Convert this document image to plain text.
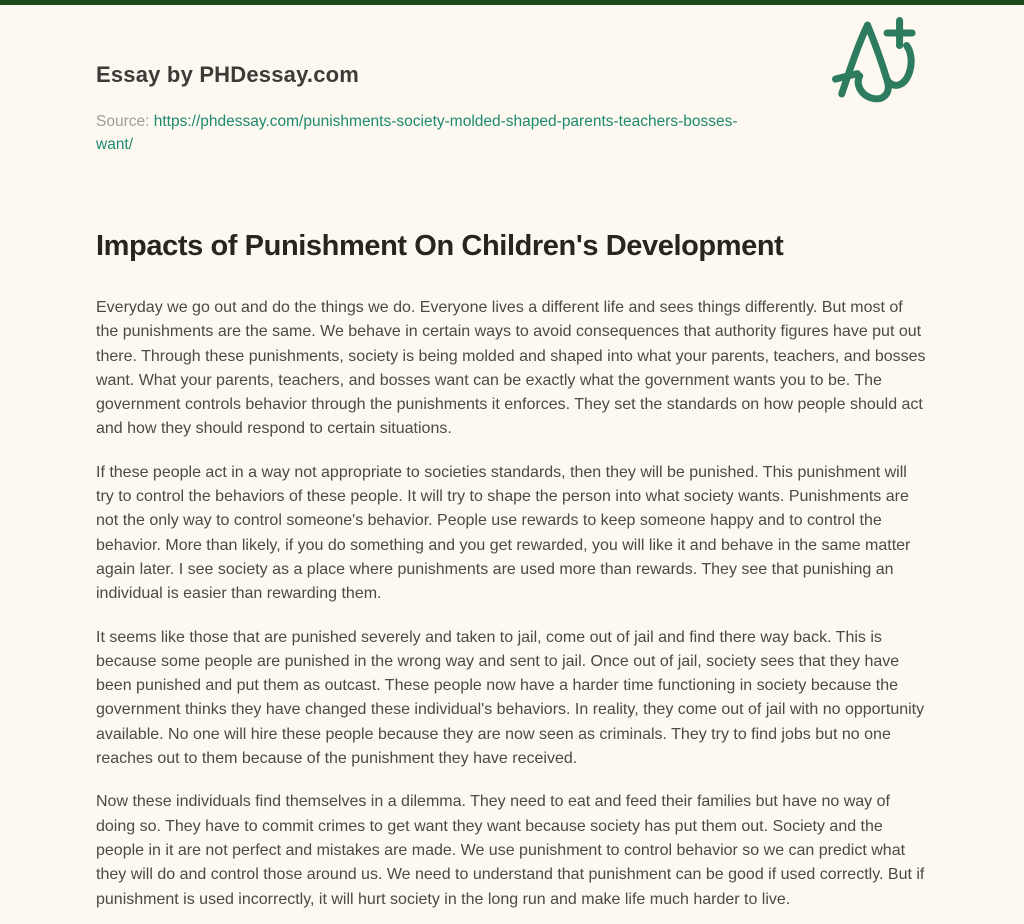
Essay by PHDessay.com

Source: https://phdessay.com/punishments-society-molded-shaped-parents-teachers-bosses-want/

Impacts of Punishment On Children's Development

Everyday we go out and do the things we do. Everyone lives a different life and sees things differently. But most of the punishments are the same. We behave in certain ways to avoid consequences that authority figures have put out there. Through these punishments, society is being molded and shaped into what your parents, teachers, and bosses want. What your parents, teachers, and bosses want can be exactly what the government wants you to be. The government controls behavior through the punishments it enforces. They set the standards on how people should act and how they should respond to certain situations.

If these people act in a way not appropriate to societies standards, then they will be punished. This punishment will try to control the behaviors of these people. It will try to shape the person into what society wants. Punishments are not the only way to control someone's behavior. People use rewards to keep someone happy and to control the behavior. More than likely, if you do something and you get rewarded, you will like it and behave in the same matter again later. I see society as a place where punishments are used more than rewards. They see that punishing an individual is easier than rewarding them.

It seems like those that are punished severely and taken to jail, come out of jail and find there way back. This is because some people are punished in the wrong way and sent to jail. Once out of jail, society sees that they have been punished and put them as outcast. These people now have a harder time functioning in society because the government thinks they have changed these individual's behaviors. In reality, they come out of jail with no opportunity available. No one will hire these people because they are now seen as criminals. They try to find jobs but no one reaches out to them because of the punishment they have received.

Now these individuals find themselves in a dilemma. They need to eat and feed their families but have no way of doing so. They have to commit crimes to get want they want because society has put them out. Society and the people in it are not perfect and mistakes are made. We use punishment to control behavior so we can predict what they will do and control those around us. We need to understand that punishment can be good if used correctly. But if punishment is used incorrectly, it will hurt society in the long run and make life much harder to live.
